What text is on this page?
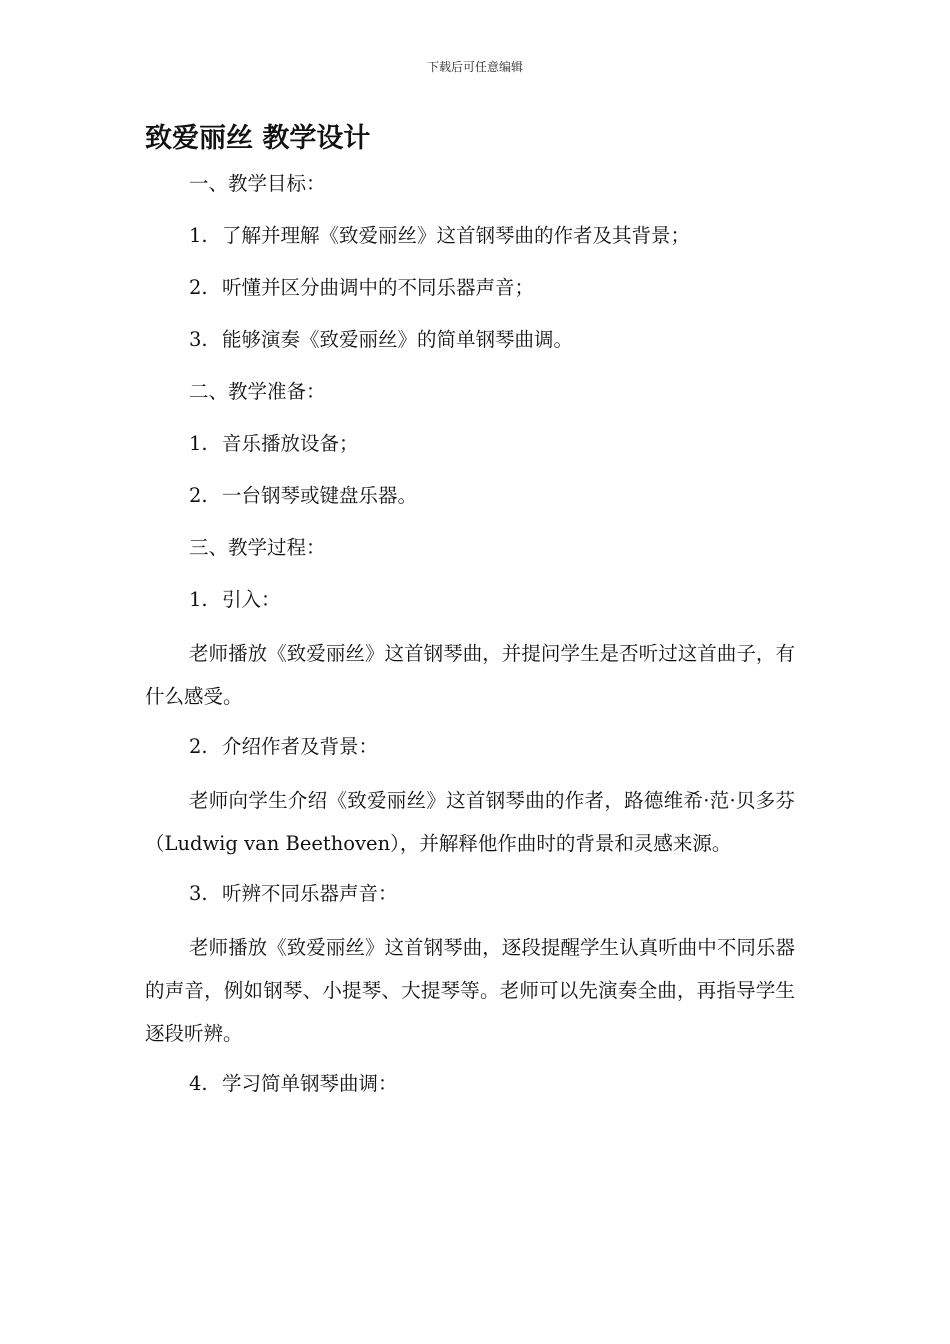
下载后可任意编辑
致爱丽丝 教学设计
一、教学目标：
1. 了解并理解《致爱丽丝》这首钢琴曲的作者及其背景；
2. 听懂并区分曲调中的不同乐器声音；
3. 能够演奏《致爱丽丝》的简单钢琴曲调。
二、教学准备：
1. 音乐播放设备；
2. 一台钢琴或键盘乐器。
三、教学过程：
1. 引入：
老师播放《致爱丽丝》这首钢琴曲，并提问学生是否听过这首曲子，有什么感受。
2. 介绍作者及背景：
老师向学生介绍《致爱丽丝》这首钢琴曲的作者，路德维希·范·贝多芬（Ludwig van Beethoven），并解释他作曲时的背景和灵感来源。
3. 听辨不同乐器声音：
老师播放《致爱丽丝》这首钢琴曲，逐段提醒学生认真听曲中不同乐器的声音，例如钢琴、小提琴、大提琴等。老师可以先演奏全曲，再指导学生逐段听辨。
4. 学习简单钢琴曲调：
